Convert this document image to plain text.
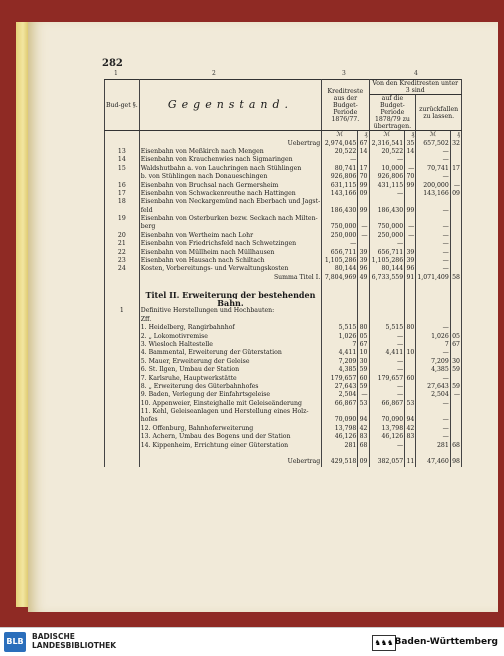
282
1	2	3	4
Bud-get §.	Gegenstand.	Kreditreste aus der Budget-Periode 1876/77.		Von den Kreditresten unter 3 sind			
				auf die Budget-Periode 1878/79 zu übertragen.		zurückfallen zu lassen.	
		ℳ	₰	ℳ	₰	ℳ	₰
	Uebertrag	2,974,045	67	2,316,541	35	657,502	32
13	Eisenbahn von Meßkirch nach Mengen	20,522	14	20,522	14	—	
14	Eisenbahn von Krauchenwies nach Sigmaringen	—		—		—	
15	Waldshutbahn a. von Lauchringen nach Stühlingen	80,741	17	10,000	—	70,741	17
	b. von Stühlingen nach Donaueschingen	926,806	70	926,806	70	—	
16	Eisenbahn von Bruchsal nach Germersheim	631,115	99	431,115	99	200,000	—
17	Eisenbahn von Schwackenreuthe nach Hattingen	143,166	09	—		143,166	09
18	Eisenbahn von Neckargemünd nach Eberbach und Jagst-						
	feld	186,430	99	186,430	99	—	
19	Eisenbahn von Osterburken bezw. Seckach nach Milten-						
	berg	750,000	—	750,000	—	—	
20	Eisenbahn von Wertheim nach Lohr	250,000	—	250,000	—	—	
21	Eisenbahn von Friedrichsfeld nach Schwetzingen	—		—		—	
22	Eisenbahn von Müllheim nach Müllhausen	656,711	39	656,711	39	—	
23	Eisenbahn von Hausach nach Schiltach	1,105,286	39	1,105,286	39	—	
24	Kosten, Vorbereitungs- und Verwaltungskosten	80,144	96	80,144	96	—	
	Summa Titel I.	7,804,969	49	6,733,559	91	1,071,409	58

	Titel II. Erweiterung der bestehenden						
	Bahn.						
1	Definitive Herstellungen und Hochbauten:						
	Zff.						
	1. Heidelberg, Rangirbahnhof	5,515	80	5,515	80	—	
	2. „ Lokomotivremise	1,026	05	—		1,026	05
	3. Wiesloch Haltestelle	7	67	—		7	67
	4. Bammental, Erweiterung der Güterstation	4,411	10	4,411	10	—	
	5. Mauer, Erweiterung der Geleise	7,209	30	—		7,209	30
	6. St. Ilgen, Umbau der Station	4,385	59	—		4,385	59
	7. Karlsruhe, Hauptwerkstätte	179,657	60	179,657	60	—	
	8. „ Erweiterung des Güterbahnhofes	27,643	59	—		27,643	59
	9. Baden, Verlegung der Einfahrtsgeleise	2,504	—	—		2,504	—
	10. Appenweier, Einsteighalle mit Geleiseänderung	66,867	53	66,867	53	—	
	11. Kehl, Geleiseanlagen und Herstellung eines Holz-						
	hofes	70,090	94	70,090	94	—	
	12. Offenburg, Bahnhoferweiterung	13,798	42	13,798	42	—	
	13. Achern, Umbau des Bogens und der Station	46,126	83	46,126	83	—	
	14. Kippenheim, Errichtung einer Güterstation	281	68	—		281	68

	Uebertrag	429,518	09	382,057	11	47,460	98
BLB
BADISCHE
LANDESBIBLIOTHEK	♞♞♞ Baden-Württemberg
